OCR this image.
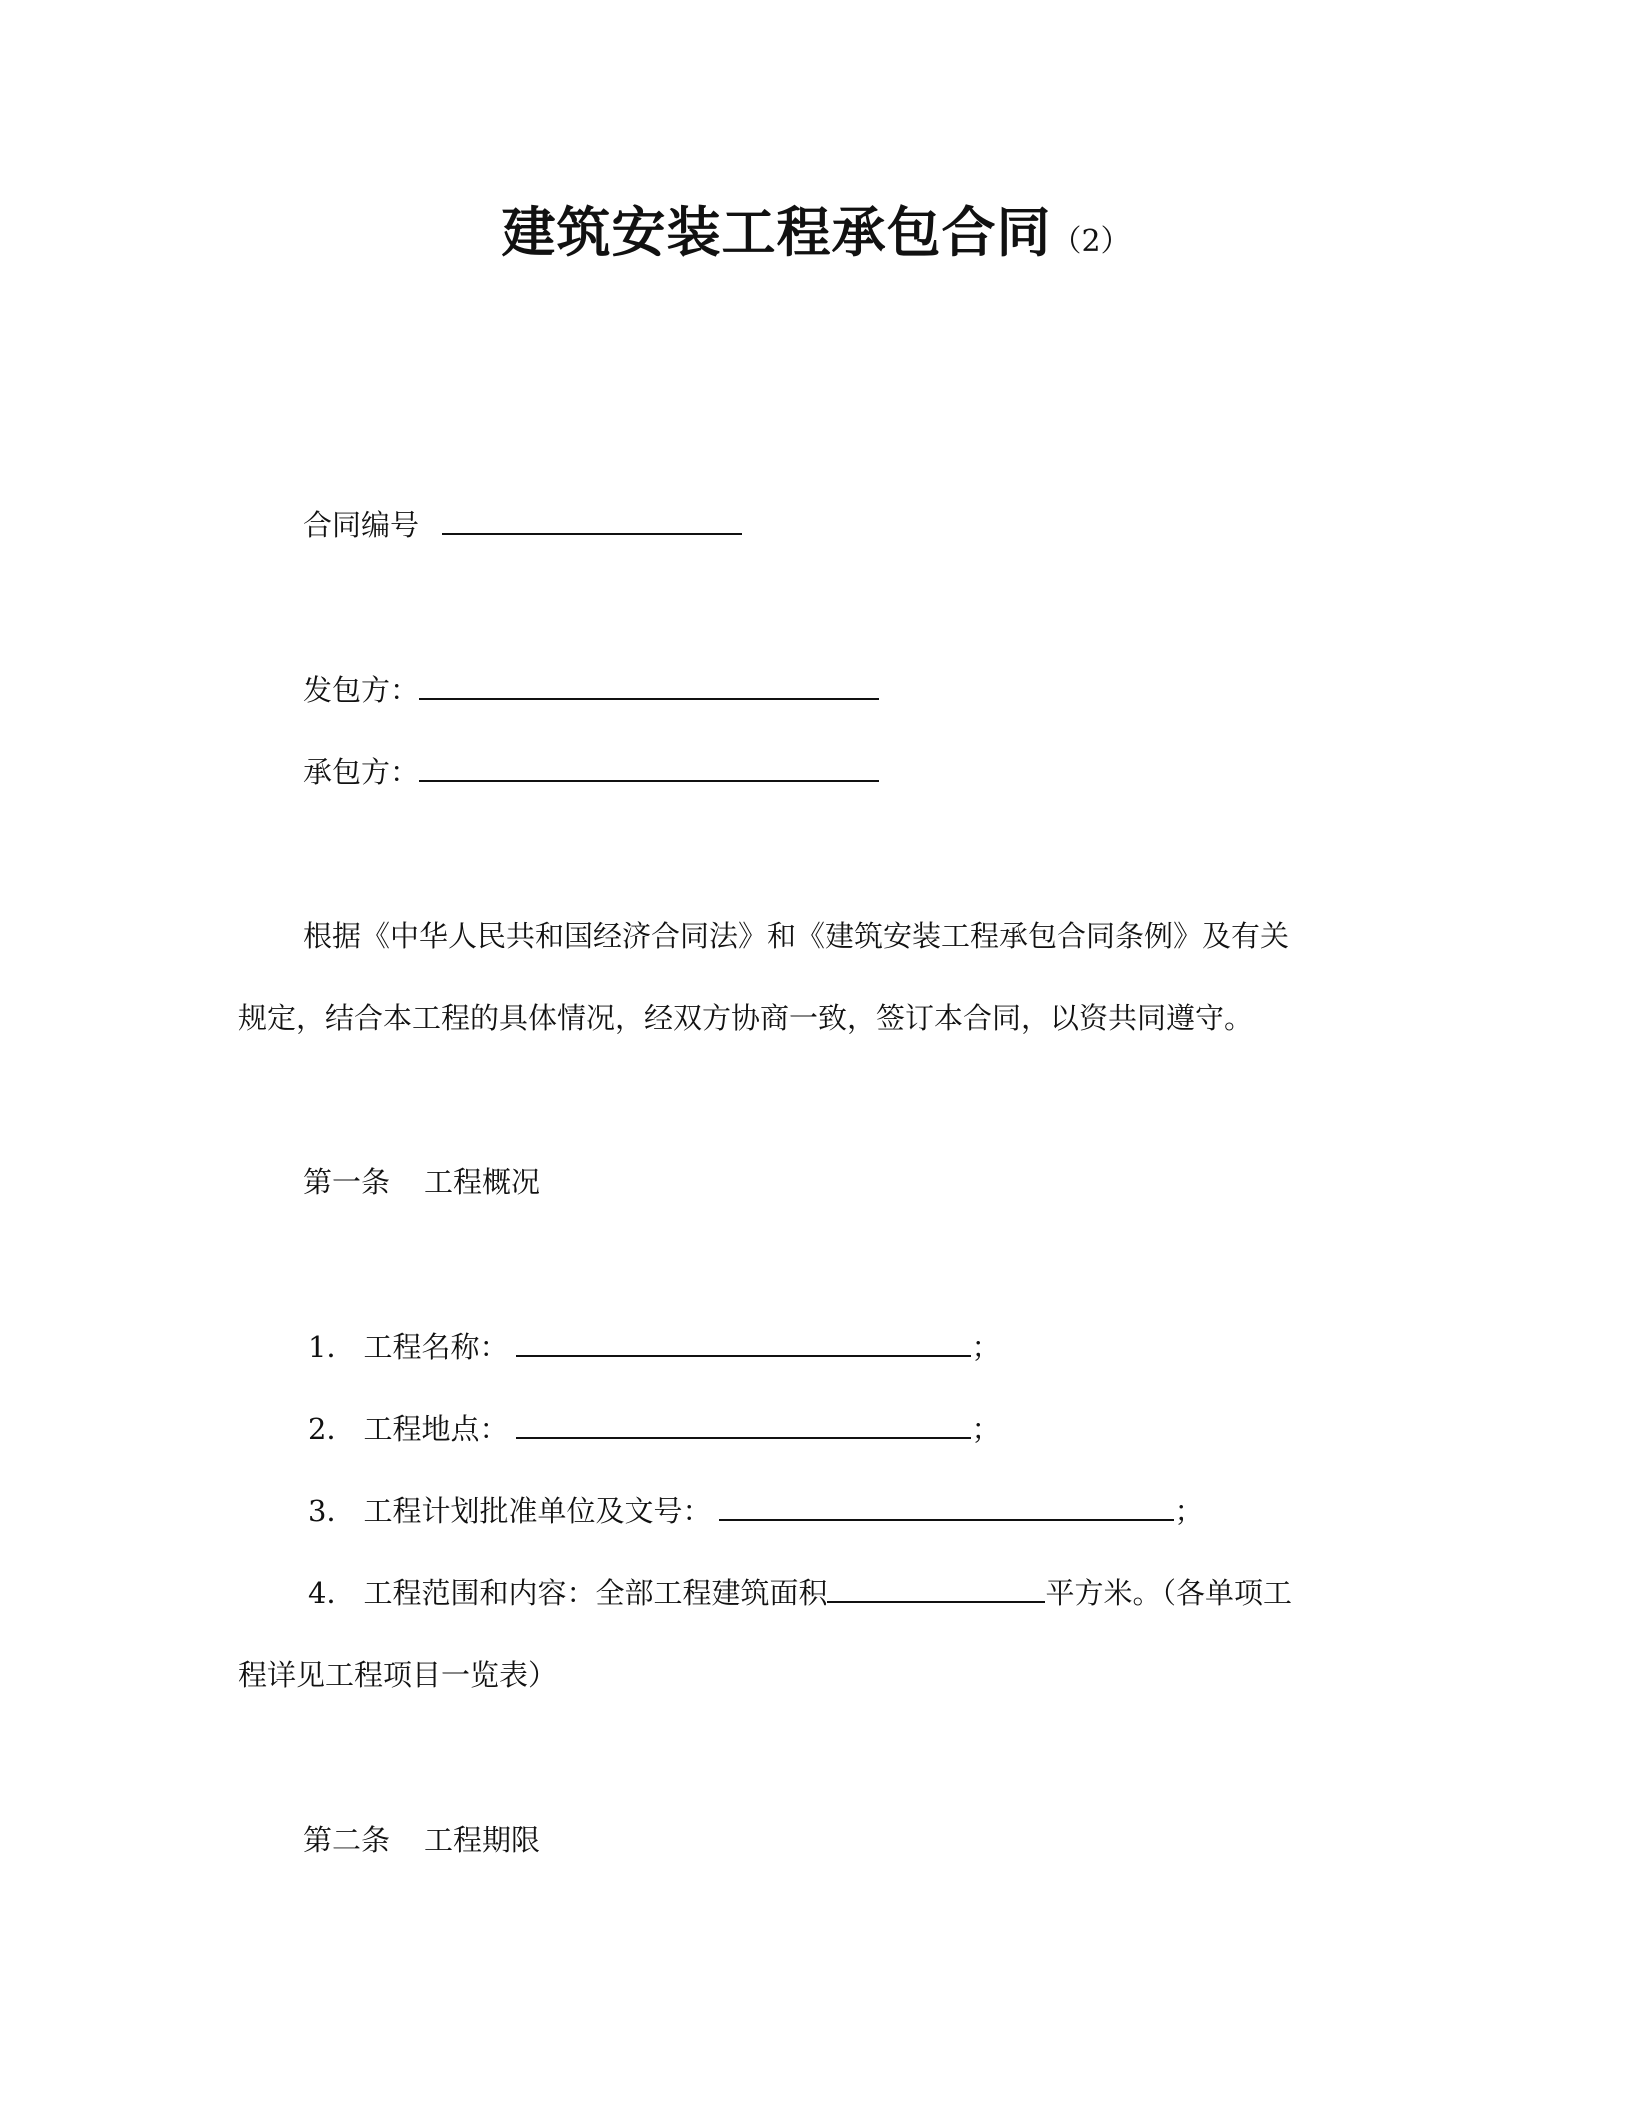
建筑安装工程承包合同（2）
合同编号
发包方：
承包方：
根据《中华人民共和国经济合同法》和《建筑安装工程承包合同条例》及有关
规定，结合本工程的具体情况，经双方协商一致，签订本合同，以资共同遵守。
第一条 工程概况
1． 工程名称：	；
2． 工程地点：	；
3． 工程计划批准单位及文号：	；
4． 工程范围和内容：全部工程建筑面积	平方米。（各单项工
程详见工程项目一览表）
第二条 工程期限
